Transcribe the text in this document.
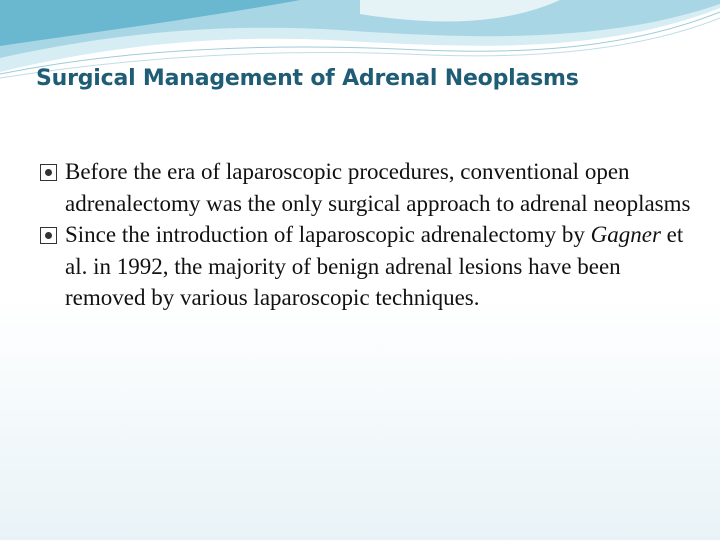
Surgical Management of Adrenal Neoplasms
Before the era of laparoscopic procedures, conventional open adrenalectomy was the only surgical approach to adrenal neoplasms
Since the introduction of laparoscopic adrenalectomy by Gagner et al. in 1992, the majority of benign adrenal lesions have been removed by various laparoscopic techniques.
